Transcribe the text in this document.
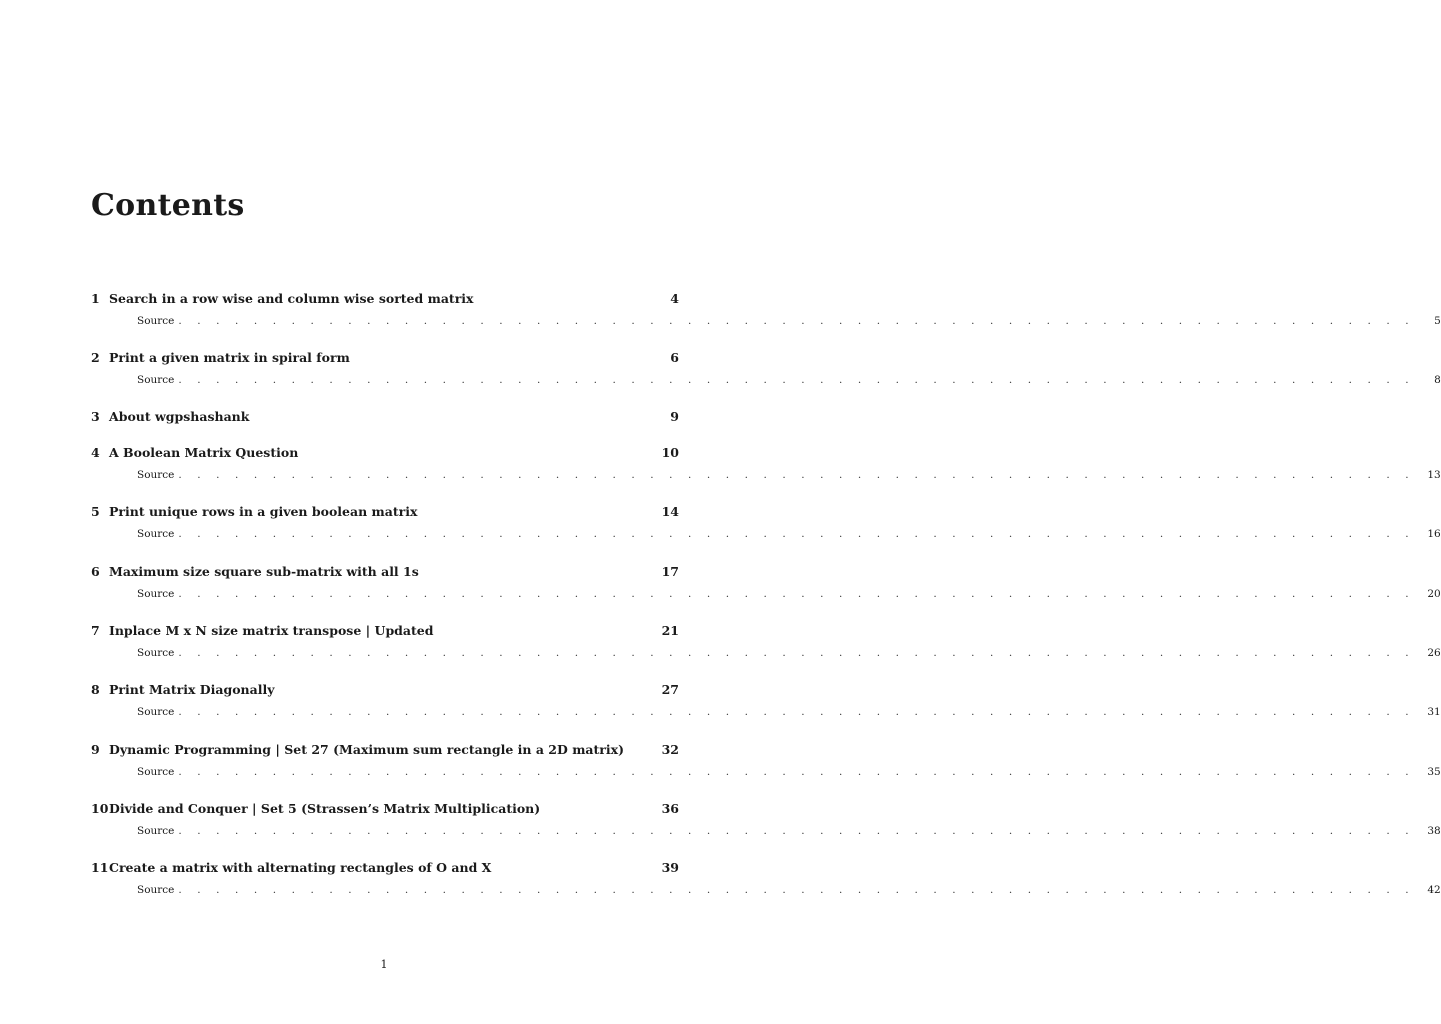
Contents
1 Search in a row wise and column wise sorted matrix	4
Source . . . . . . . . . . . . . . . . . . . . . . . . . . . . . . . . . . . . . . . . . . . . . . . . . . . . . . . . . . . . . . . . . .	5
2 Print a given matrix in spiral form	6
Source . . . . . . . . . . . . . . . . . . . . . . . . . . . . . . . . . . . . . . . . . . . . . . . . . . . . . . . . . . . . . . . . . .	8
3 About wgpshashank	9
4 A Boolean Matrix Question	10
Source . . . . . . . . . . . . . . . . . . . . . . . . . . . . . . . . . . . . . . . . . . . . . . . . . . . . . . . . . . . . . . . . . .	13
5 Print unique rows in a given boolean matrix	14
Source . . . . . . . . . . . . . . . . . . . . . . . . . . . . . . . . . . . . . . . . . . . . . . . . . . . . . . . . . . . . . . . . . .	16
6 Maximum size square sub-matrix with all 1s	17
Source . . . . . . . . . . . . . . . . . . . . . . . . . . . . . . . . . . . . . . . . . . . . . . . . . . . . . . . . . . . . . . . . . .	20
7 Inplace M x N size matrix transpose | Updated	21
Source . . . . . . . . . . . . . . . . . . . . . . . . . . . . . . . . . . . . . . . . . . . . . . . . . . . . . . . . . . . . . . . . . .	26
8 Print Matrix Diagonally	27
Source . . . . . . . . . . . . . . . . . . . . . . . . . . . . . . . . . . . . . . . . . . . . . . . . . . . . . . . . . . . . . . . . . .	31
9 Dynamic Programming | Set 27 (Maximum sum rectangle in a 2D matrix)	32
Source . . . . . . . . . . . . . . . . . . . . . . . . . . . . . . . . . . . . . . . . . . . . . . . . . . . . . . . . . . . . . . . . . .	35
10 Divide and Conquer | Set 5 (Strassen’s Matrix Multiplication)	36
Source . . . . . . . . . . . . . . . . . . . . . . . . . . . . . . . . . . . . . . . . . . . . . . . . . . . . . . . . . . . . . . . . . .	38
11 Create a matrix with alternating rectangles of O and X	39
Source . . . . . . . . . . . . . . . . . . . . . . . . . . . . . . . . . . . . . . . . . . . . . . . . . . . . . . . . . . . . . . . . . .	42
1
